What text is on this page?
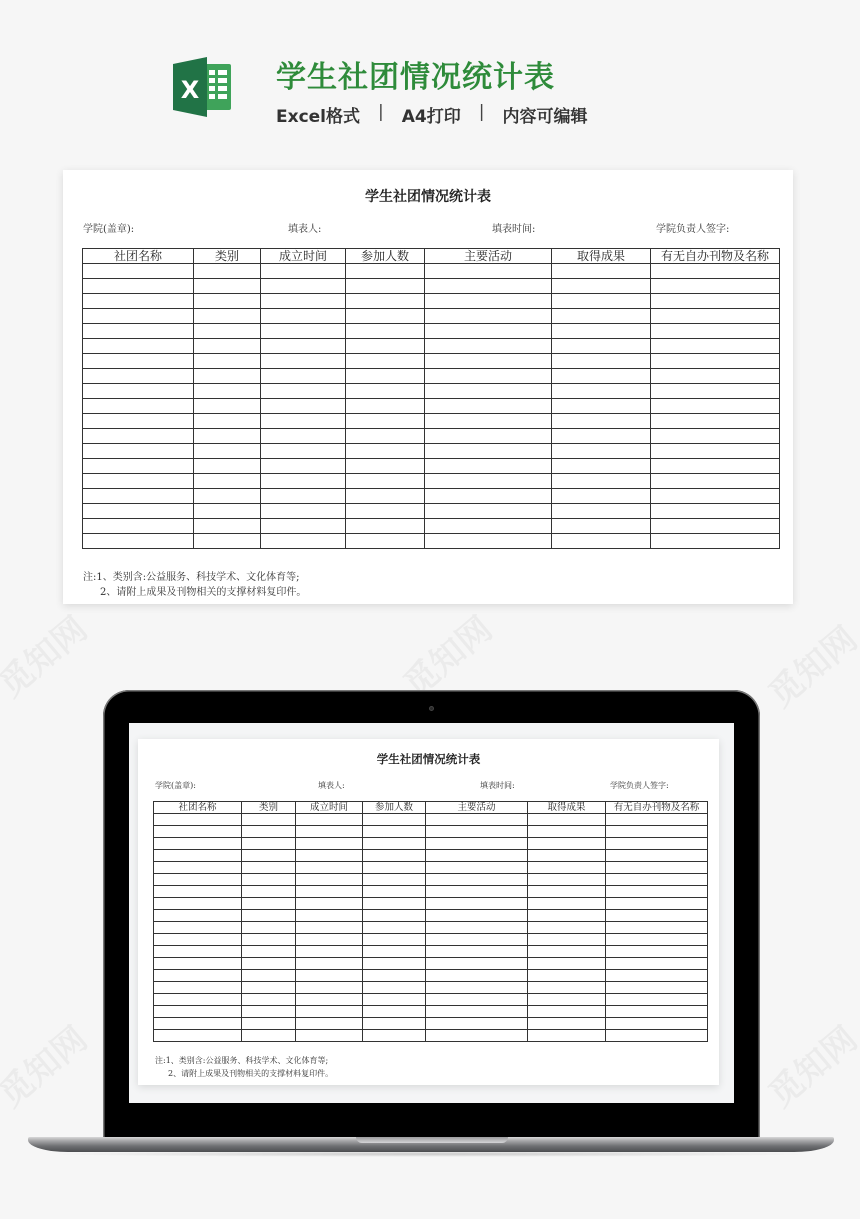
X	学生社团情况统计表
Excel格式 | A4打印 | 内容可编辑
学生社团情况统计表
学院(盖章):	填表人:	填表时间:	学院负责人签字:
社团名称	类别	成立时间	参加人数	主要活动	取得成果	有无自办刊物及名称

注:1、类别含:公益服务、科技学术、文化体育等;
2、请附上成果及刊物相关的支撑材料复印件。
学生社团情况统计表
学院(盖章):	填表人:	填表时间:	学院负责人签字:
社团名称	类别	成立时间	参加人数	主要活动	取得成果	有无自办刊物及名称

注:1、类别含:公益服务、科技学术、文化体育等;
2、请附上成果及刊物相关的支撑材料复印件。
